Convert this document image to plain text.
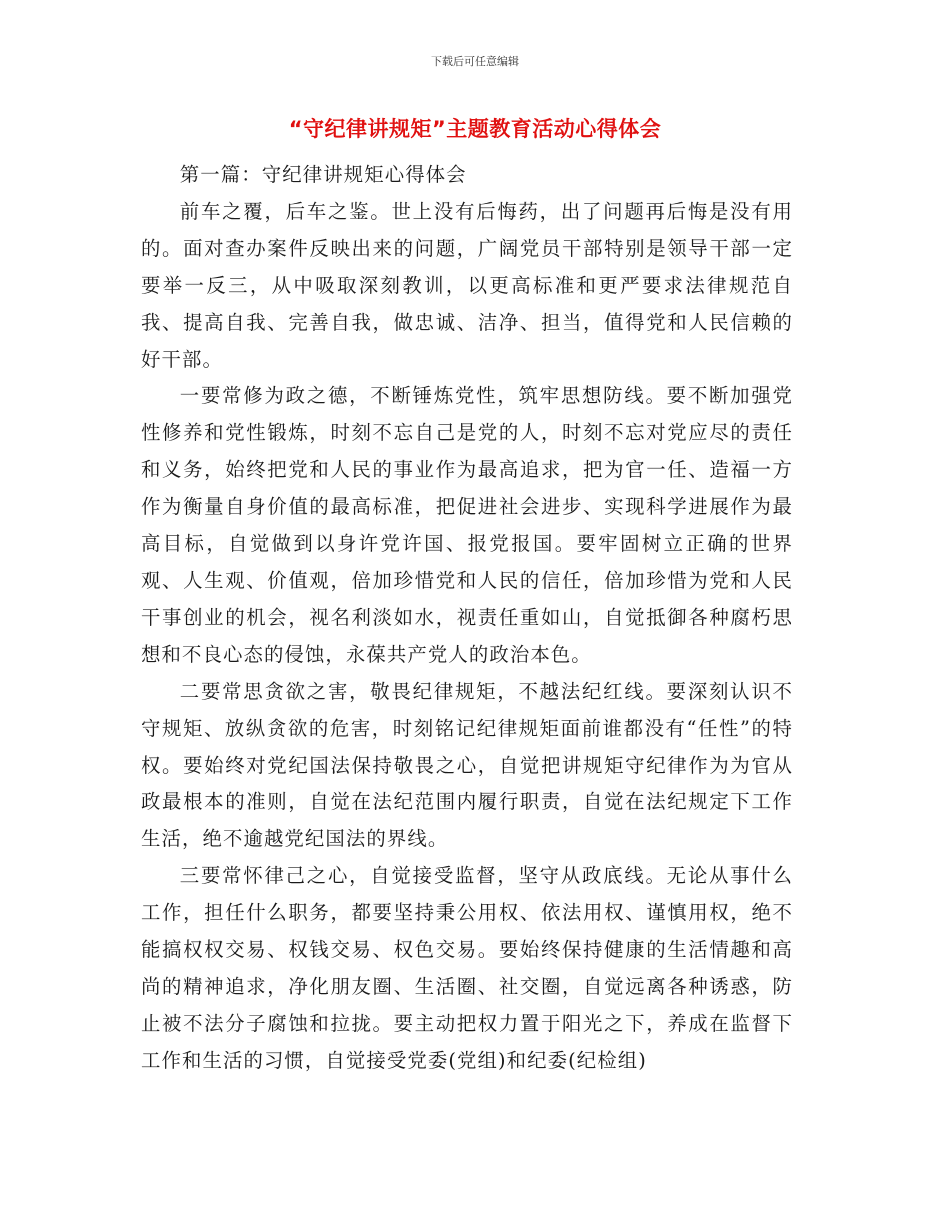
下载后可任意编辑
“守纪律讲规矩”主题教育活动心得体会

第一篇：守纪律讲规矩心得体会

前车之覆，后车之鉴。世上没有后悔药，出了问题再后悔是没有用的。面对查办案件反映出来的问题，广阔党员干部特别是领导干部一定要举一反三，从中吸取深刻教训，以更高标准和更严要求法律规范自我、提高自我、完善自我，做忠诚、洁净、担当，值得党和人民信赖的好干部。

一要常修为政之德，不断锤炼党性，筑牢思想防线。要不断加强党性修养和党性锻炼，时刻不忘自己是党的人，时刻不忘对党应尽的责任和义务，始终把党和人民的事业作为最高追求，把为官一任、造福一方作为衡量自身价值的最高标准，把促进社会进步、实现科学进展作为最高目标，自觉做到以身许党许国、报党报国。要牢固树立正确的世界观、人生观、价值观，倍加珍惜党和人民的信任，倍加珍惜为党和人民干事创业的机会，视名利淡如水，视责任重如山，自觉抵御各种腐朽思想和不良心态的侵蚀，永葆共产党人的政治本色。

二要常思贪欲之害，敬畏纪律规矩，不越法纪红线。要深刻认识不守规矩、放纵贪欲的危害，时刻铭记纪律规矩面前谁都没有“任性”的特权。要始终对党纪国法保持敬畏之心，自觉把讲规矩守纪律作为为官从政最根本的准则，自觉在法纪范围内履行职责，自觉在法纪规定下工作生活，绝不逾越党纪国法的界线。

三要常怀律己之心，自觉接受监督，坚守从政底线。无论从事什么工作，担任什么职务，都要坚持秉公用权、依法用权、谨慎用权，绝不能搞权权交易、权钱交易、权色交易。要始终保持健康的生活情趣和高尚的精神追求，净化朋友圈、生活圈、社交圈，自觉远离各种诱惑，防止被不法分子腐蚀和拉拢。要主动把权力置于阳光之下，养成在监督下工作和生活的习惯，自觉接受党委(党组)和纪委(纪检组)
